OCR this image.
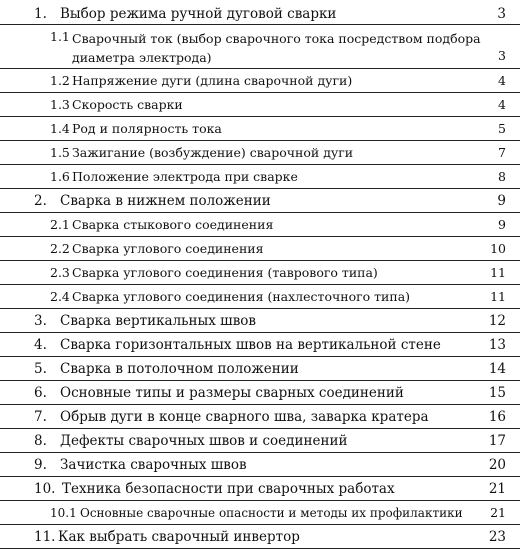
1. Выбор режима ручной дуговой сварки	3
1.1 Сварочный ток (выбор сварочного тока посредством подбора диаметра электрода)	3
1.2 Напряжение дуги (длина сварочной дуги)	4
1.3 Скорость сварки	4
1.4 Род и полярность тока	5
1.5 Зажигание (возбуждение) сварочной дуги	7
1.6 Положение электрода при сварке	8
2. Сварка в нижнем положении	9
2.1 Сварка стыкового соединения	9
2.2 Сварка углового соединения	10
2.3 Сварка углового соединения (таврового типа)	11
2.4 Сварка углового соединения (нахлесточного типа)	11
3. Сварка вертикальных швов	12
4. Сварка горизонтальных швов на вертикальной стене	13
5. Сварка в потолочном положении	14
6. Основные типы и размеры сварных соединений	15
7. Обрыв дуги в конце сварного шва, заварка кратера	16
8. Дефекты сварочных швов и соединений	17
9. Зачистка сварочных швов	20
10. Техника безопасности при сварочных работах	21
10.1 Основные сварочные опасности и методы их профилактики 21
11. Как выбрать сварочный инвертор	23
